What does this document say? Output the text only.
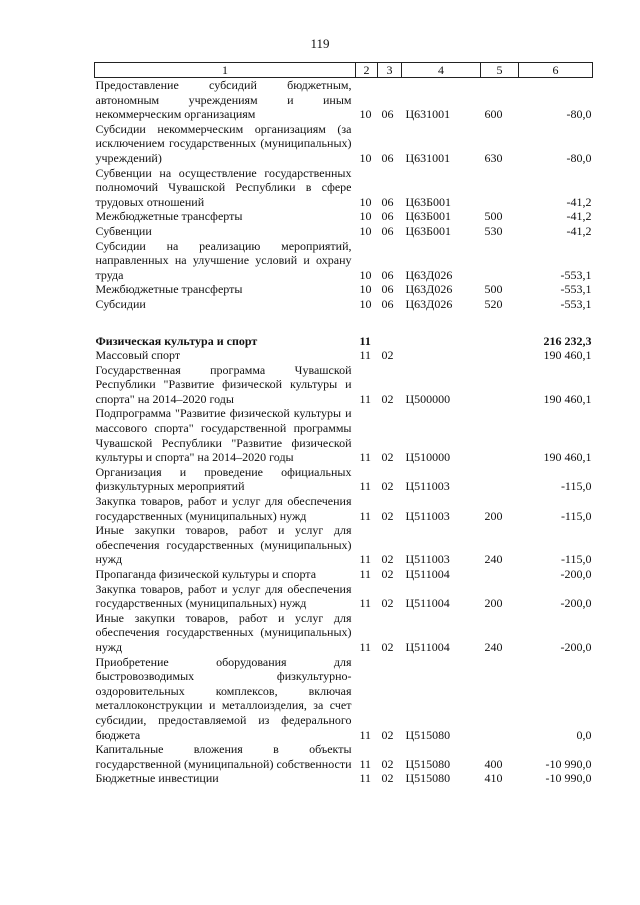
119
1	2	3	4	5	6
Предоставление субсидий бюджетным, автономным учреждениям и иным некоммерческим организациям	10	06	Ц631001	600	-80,0
Субсидии некоммерческим организациям (за исключением государственных (муниципальных) учреждений)	10	06	Ц631001	630	-80,0
Субвенции на осуществление государственных полномочий Чувашской Республики в сфере трудовых отношений	10	06	Ц63Б001		-41,2
Межбюджетные трансферты	10	06	Ц63Б001	500	-41,2
Субвенции	10	06	Ц63Б001	530	-41,2
Субсидии на реализацию мероприятий, направленных на улучшение условий и охрану труда	10	06	Ц63Д026		-553,1
Межбюджетные трансферты	10	06	Ц63Д026	500	-553,1
Субсидии	10	06	Ц63Д026	520	-553,1

Физическая культура и спорт	11				216 232,3
Массовый спорт	11	02			190 460,1
Государственная программа Чувашской Республики "Развитие физической культуры и спорта" на 2014–2020 годы	11	02	Ц500000		190 460,1
Подпрограмма "Развитие физической культуры и массового спорта" государственной программы Чувашской Республики "Развитие физической культуры и спорта" на 2014–2020 годы	11	02	Ц510000		190 460,1
Организация и проведение официальных физкультурных мероприятий	11	02	Ц511003		-115,0
Закупка товаров, работ и услуг для обеспечения государственных (муниципальных) нужд	11	02	Ц511003	200	-115,0
Иные закупки товаров, работ и услуг для обеспечения государственных (муниципальных) нужд	11	02	Ц511003	240	-115,0
Пропаганда физической культуры и спорта	11	02	Ц511004		-200,0
Закупка товаров, работ и услуг для обеспечения государственных (муниципальных) нужд	11	02	Ц511004	200	-200,0
Иные закупки товаров, работ и услуг для обеспечения государственных (муниципальных) нужд	11	02	Ц511004	240	-200,0
Приобретение оборудования для быстровозводимых физкультурно-оздоровительных комплексов, включая металлоконструкции и металлоизделия, за счет субсидии, предоставляемой из федерального бюджета	11	02	Ц515080		0,0
Капитальные вложения в объекты государственной (муниципальной) собственности	11	02	Ц515080	400	-10 990,0
Бюджетные инвестиции	11	02	Ц515080	410	-10 990,0
